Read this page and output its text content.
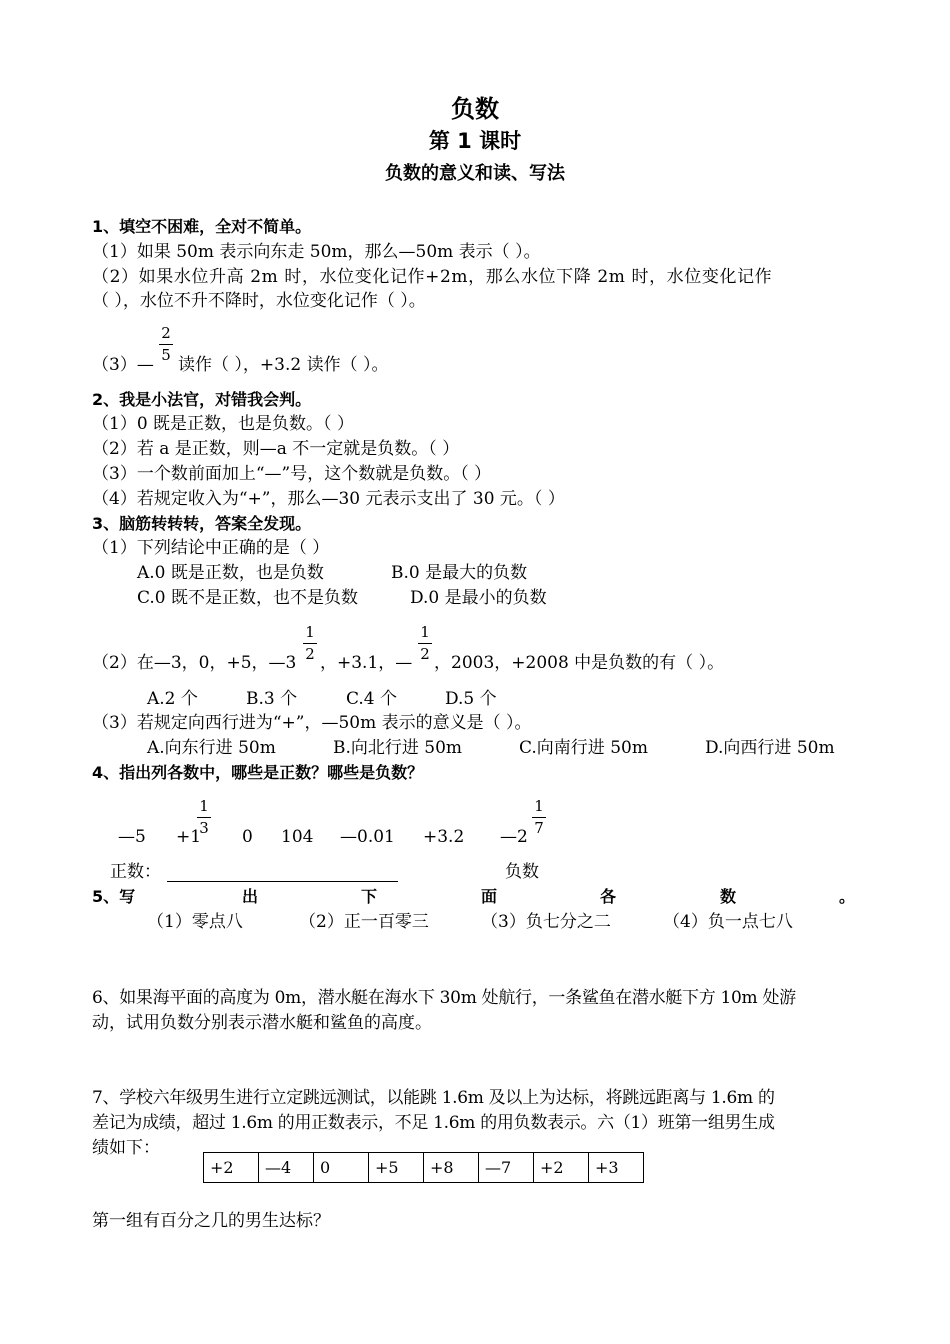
负数
第 1 课时
负数的意义和读、写法
1、填空不困难，全对不简单。
（1）如果 50m 表示向东走 50m，那么—50m 表示（ ）。
（2）如果水位升高 2m 时，水位变化记作+2m，那么水位下降 2m 时，水位变化记作
（ ），水位不升不降时，水位变化记作（ ）。
（3）—
2
5 读作（ ），+3.2 读作（ ）。
2、我是小法官，对错我会判。
（1）0 既是正数，也是负数。（ ）
（2）若 a 是正数，则—a 不一定就是负数。（ ）
（3）一个数前面加上“—”号，这个数就是负数。（ ）
（4）若规定收入为“+”，那么—30 元表示支出了 30 元。（ ）
3、脑筋转转转，答案全发现。
（1）下列结论中正确的是（ ）
A.0 既是正数，也是负数	B.0 是最大的负数
C.0 既不是正数，也不是负数	D.0 是最小的负数
（2）在—3，0，+5，—3
1
2 ，+3.1，—
1
2 ，2003，+2008 中是负数的有（ ）。
A.2 个	B.3 个	C.4 个	D.5 个
（3）若规定向西行进为“+”，—50m 表示的意义是（ ）。
A.向东行进 50m	B.向北行进 50m	C.向南行进 50m	D.向西行进 50m
4、指出列各数中，哪些是正数？哪些是负数？
—5 +1
1
3 0 104 —0.01 +3.2 —2
1
7
正数：	负数
5、写	出	下	面	各	数	。
（1）零点八	（2）正一百零三	（3）负七分之二	（4）负一点七八
6、如果海平面的高度为 0m，潜水艇在海水下 30m 处航行，一条鲨鱼在潜水艇下方 10m 处游
动，试用负数分别表示潜水艇和鲨鱼的高度。
7、学校六年级男生进行立定跳远测试，以能跳 1.6m 及以上为达标，将跳远距离与 1.6m 的
差记为成绩，超过 1.6m 的用正数表示，不足 1.6m 的用负数表示。六（1）班第一组男生成
绩如下：
+2	—4	0	+5	+8	—7	+2	+3
第一组有百分之几的男生达标？
